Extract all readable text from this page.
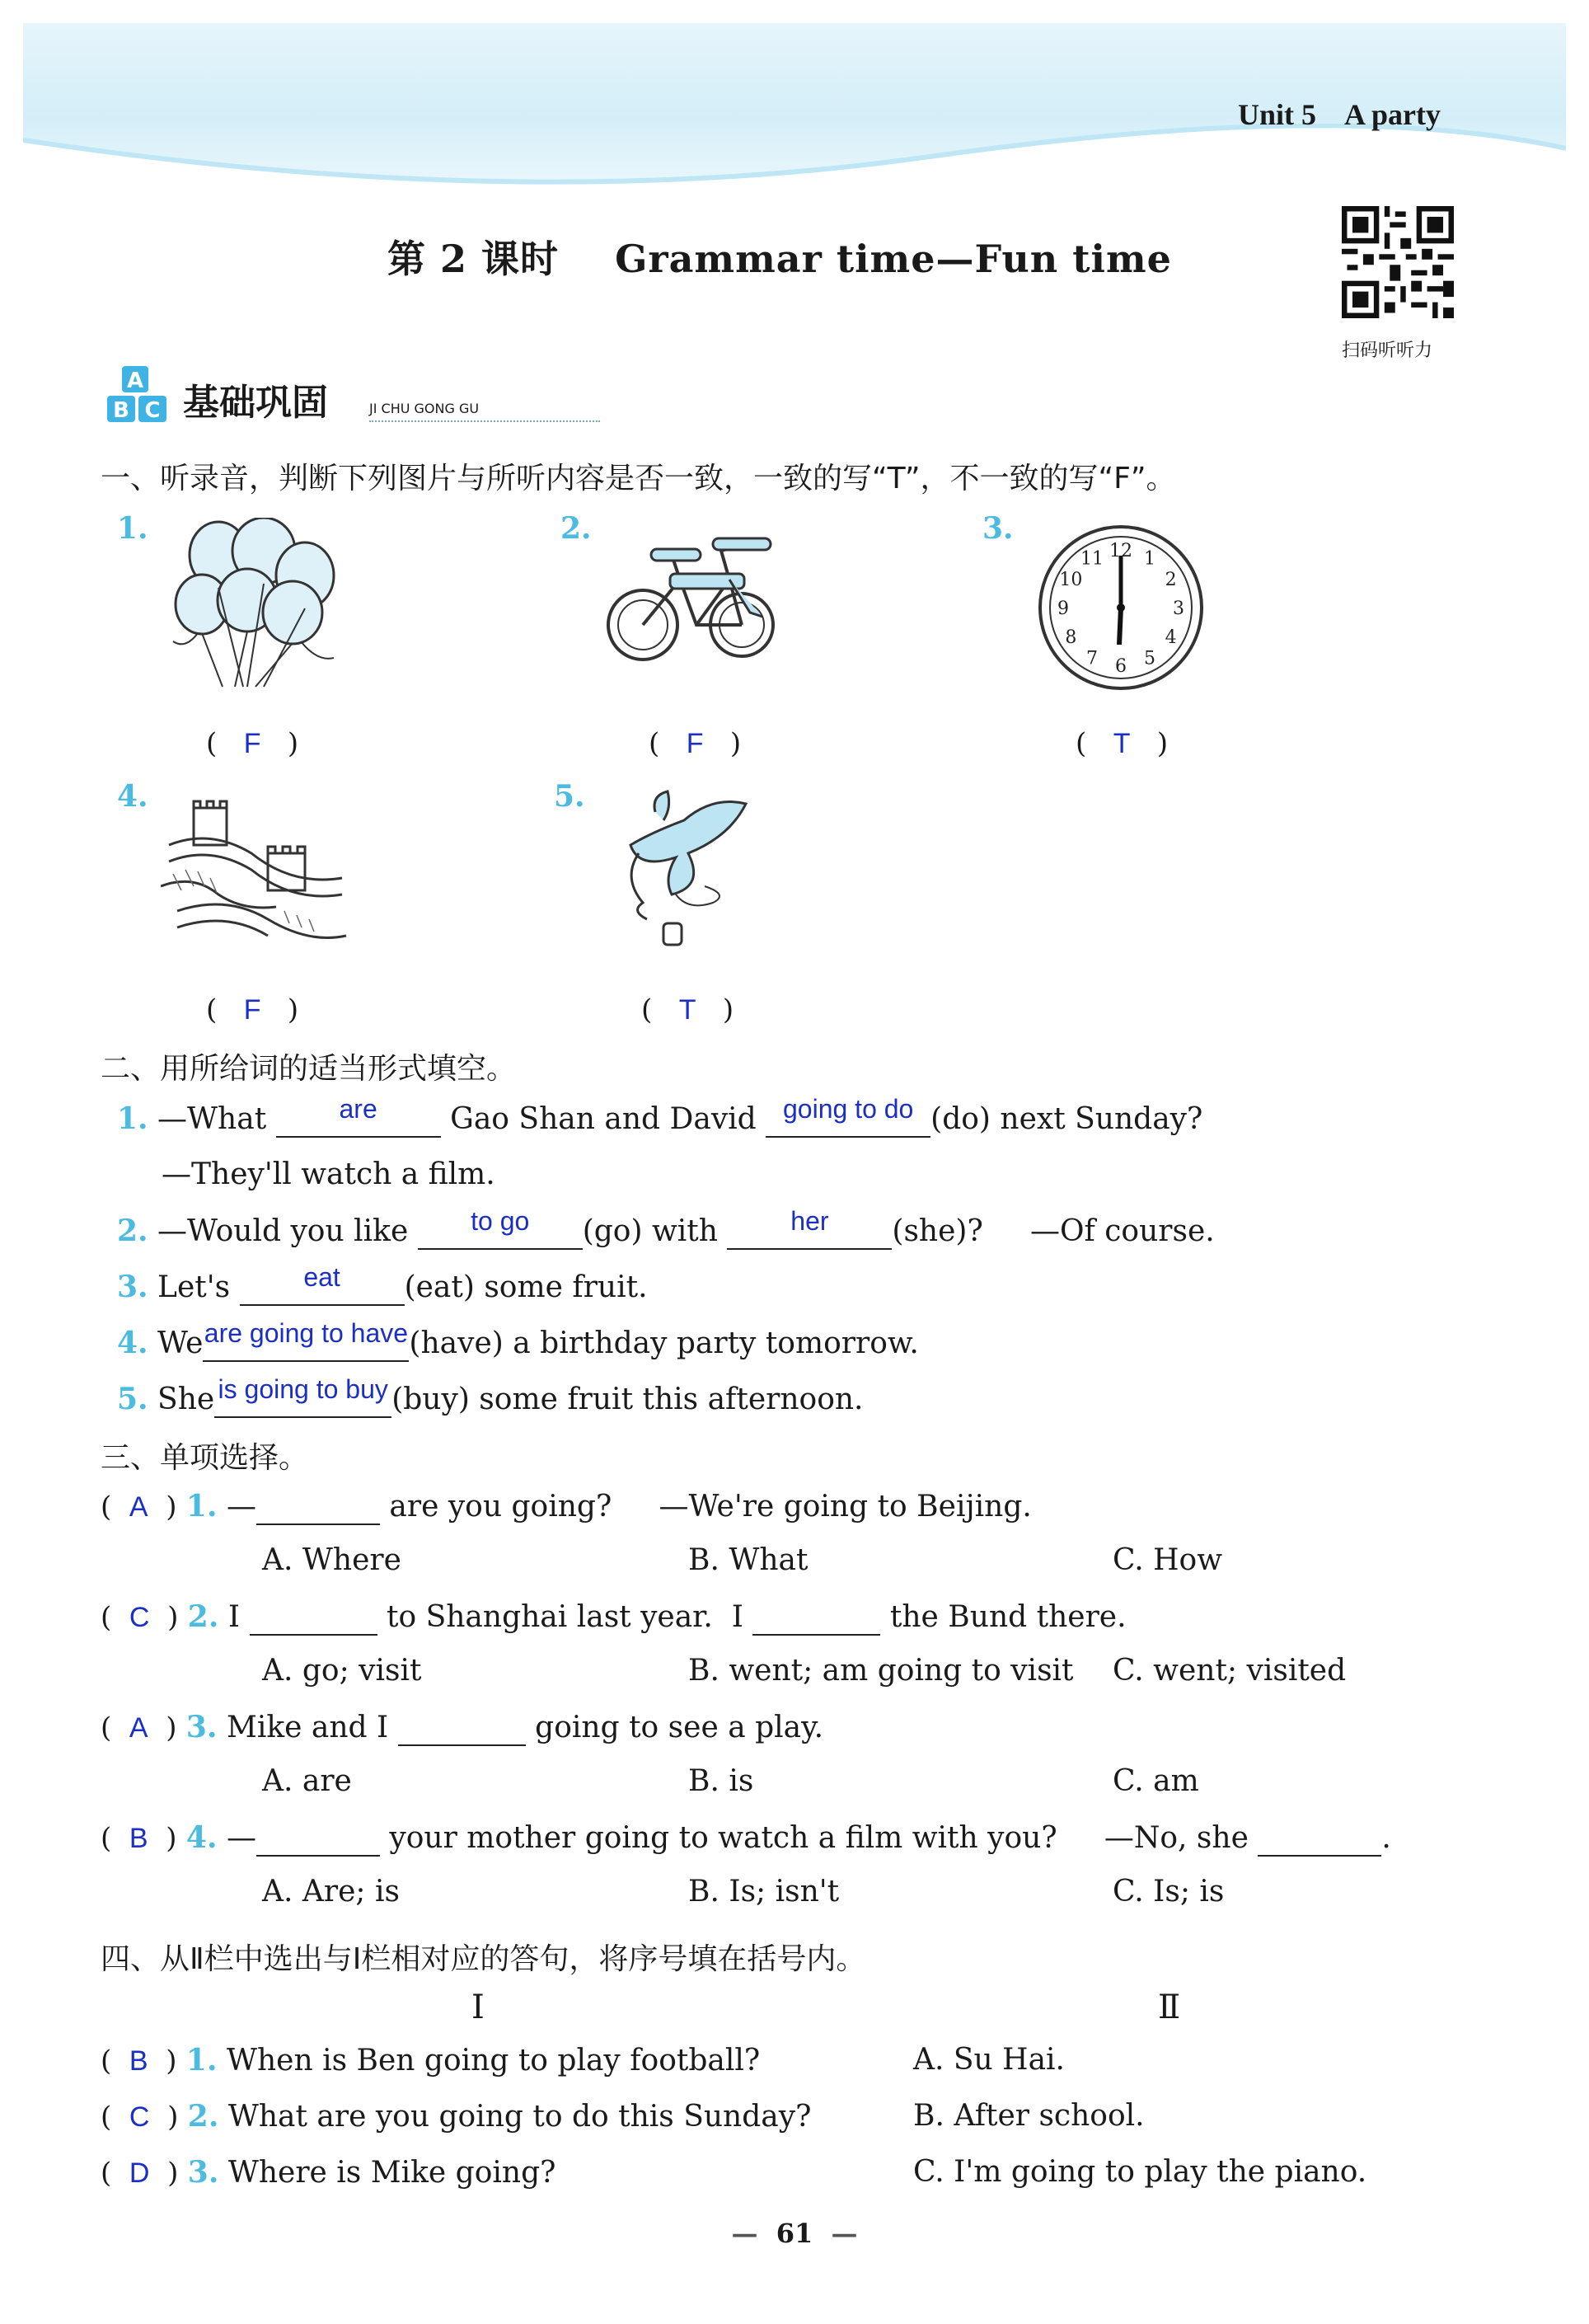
Unit 5    A party
第 2 课时    Grammar time—Fun time
扫码听听力
A
B C 基础巩固	JI CHU GONG GU
一、听录音，判断下列图片与所听内容是否一致，一致的写“T”，不一致的写“F”。
1.
(   F   )
2.
(   F   )
3.
12 1
2
3
4
5
6
7
8
9
10
11
(   T   )
4.
(   F   )
5.
(   T   )
二、用所给词的适当形式填空。
1. —What	are	Gao Shan and David	going to do (do) next Sunday?
—They'll watch a film.
2. —Would you like	to go	(go) with	her	(she)?     —Of course.
3. Let's	eat	(eat) some fruit.
4. We are going to have (have) a birthday party tomorrow.
5. She is going to buy (buy) some fruit this afternoon.
三、单项选择。
(  A  ) 1. —	are you going?     —We're going to Beijing.
A. Where	B. What	C. How
(  C  ) 2. I	to Shanghai last year.  I	the Bund there.
A. go; visit	B. went; am going to visit C. went; visited
(  A  ) 3. Mike and I	going to see a play.
A. are	B. is	C. am
(  B  ) 4. —	your mother going to watch a film with you?     —No, she	.
A. Are; is	B. Is; isn't	C. Is; is
四、从Ⅱ栏中选出与Ⅰ栏相对应的答句，将序号填在括号内。
Ⅰ	Ⅱ
(  B  ) 1. When is Ben going to play football?	A. Su Hai.
(  C  ) 2. What are you going to do this Sunday?	B. After school.
(  D  ) 3. Where is Mike going?	C. I'm going to play the piano.
—  61  —
